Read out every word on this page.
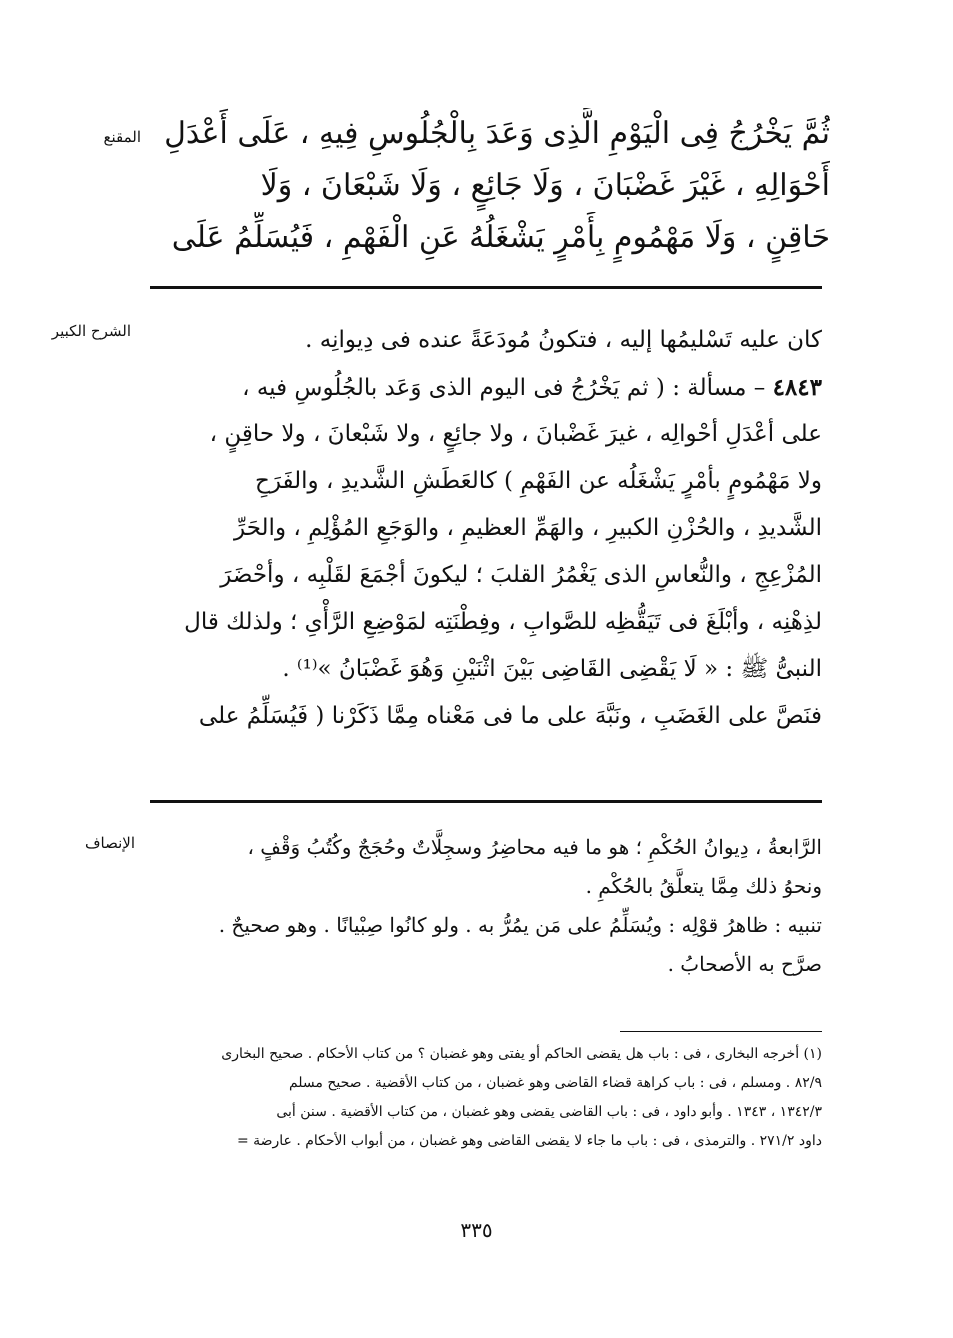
المقنع
الشرح الكبير
الإنصاف
ثُمَّ يَخْرُجُ فِى الْيَوْمِ الَّذِى وَعَدَ بِالْجُلُوسِ فِيهِ ، عَلَى أَعْدَلِ
أَحْوَالِهِ ، غَيْرَ غَضْبَانَ ، وَلَا جَائِعٍ ، وَلَا شَبْعَانَ ، وَلَا
حَاقِنٍ ، وَلَا مَهْمُومٍ بِأَمْرٍ يَشْغَلُهُ عَنِ الْفَهْمِ ، فَيُسَلِّمُ عَلَى
كان عليه تَسْليمُها إليه ، فتكونُ مُودَعَةً عنده فى دِيوانِه .
٤٨٤٣ – مسألة : ( ثم يَخْرُجُ فى اليوم الذى وَعَد بالجُلُوسِ فيه ،
على أعْدَلِ أحْوالِه ، غيرَ غَضْبانَ ، ولا جائِعٍ ، ولا شَبْعانَ ، ولا حاقِنٍ ،
ولا مَهْمُومٍ بأمْرٍ يَشْغَلُه عن الفَهْمِ ) كالعَطَشِ الشَّديدِ ، والفَرَحِ
الشَّديدِ ، والحُزْنِ الكبيرِ ، والهَمِّ العظيمِ ، والوَجَعِ المُؤْلِمِ ، والحَرِّ
المُزْعِجِ ، والنُّعاسِ الذى يَغْمُرُ القلبَ ؛ ليكونَ أجْمَعَ لقَلْبِه ، وأحْضَرَ
لذِهْنِه ، وأبْلَغَ فى تَيَقُّظِه للصَّوابِ ، وفِطْنَتِه لمَوْضِعِ الرَّأْىِ ؛ ولذلك قال
النبىُّ ﷺ : « لَا يَقْضِى القَاضِى بَيْنَ اثْنَيْنِ وَهُوَ غَضْبَانُ »⁽¹⁾ .
فنَصَّ على الغَضَبِ ، ونَبَّهَ على ما فى مَعْناه مِمَّا ذَكَرْنا ( فَيُسَلِّمُ على
الرَّابعةُ ، دِيوانُ الحُكْمِ ؛ هو ما فيه محاضِرُ وسجِلَّاتٌ وحُجَجٌ وكُتُبُ وَقْفٍ ،
ونحوُ ذلك مِمَّا يتعلَّقُ بالحُكْمِ .
تنبيه : ظاهرُ قوْلِه : ويُسَلِّمُ على مَن يمُرُّ به . ولو كانُوا صِبْيانًا . وهو صحيحٌ .
صرَّح به الأصحابُ .
(١) أخرجه البخارى ، فى : باب هل يقضى الحاكم أو يفتى وهو غضبان ؟ من كتاب الأحكام . صحيح البخارى
٨٢/٩ . ومسلم ، فى : باب كراهة قضاء القاضى وهو غضبان ، من كتاب الأقضية . صحيح مسلم
١٣٤٢/٣ ، ١٣٤٣ . وأبو داود ، فى : باب القاضى يقضى وهو غضبان ، من كتاب الأقضية . سنن أبى
داود ٢٧١/٢ . والترمذى ، فى : باب ما جاء لا يقضى القاضى وهو غضبان ، من أبواب الأحكام . عارضة =
٣٣٥
